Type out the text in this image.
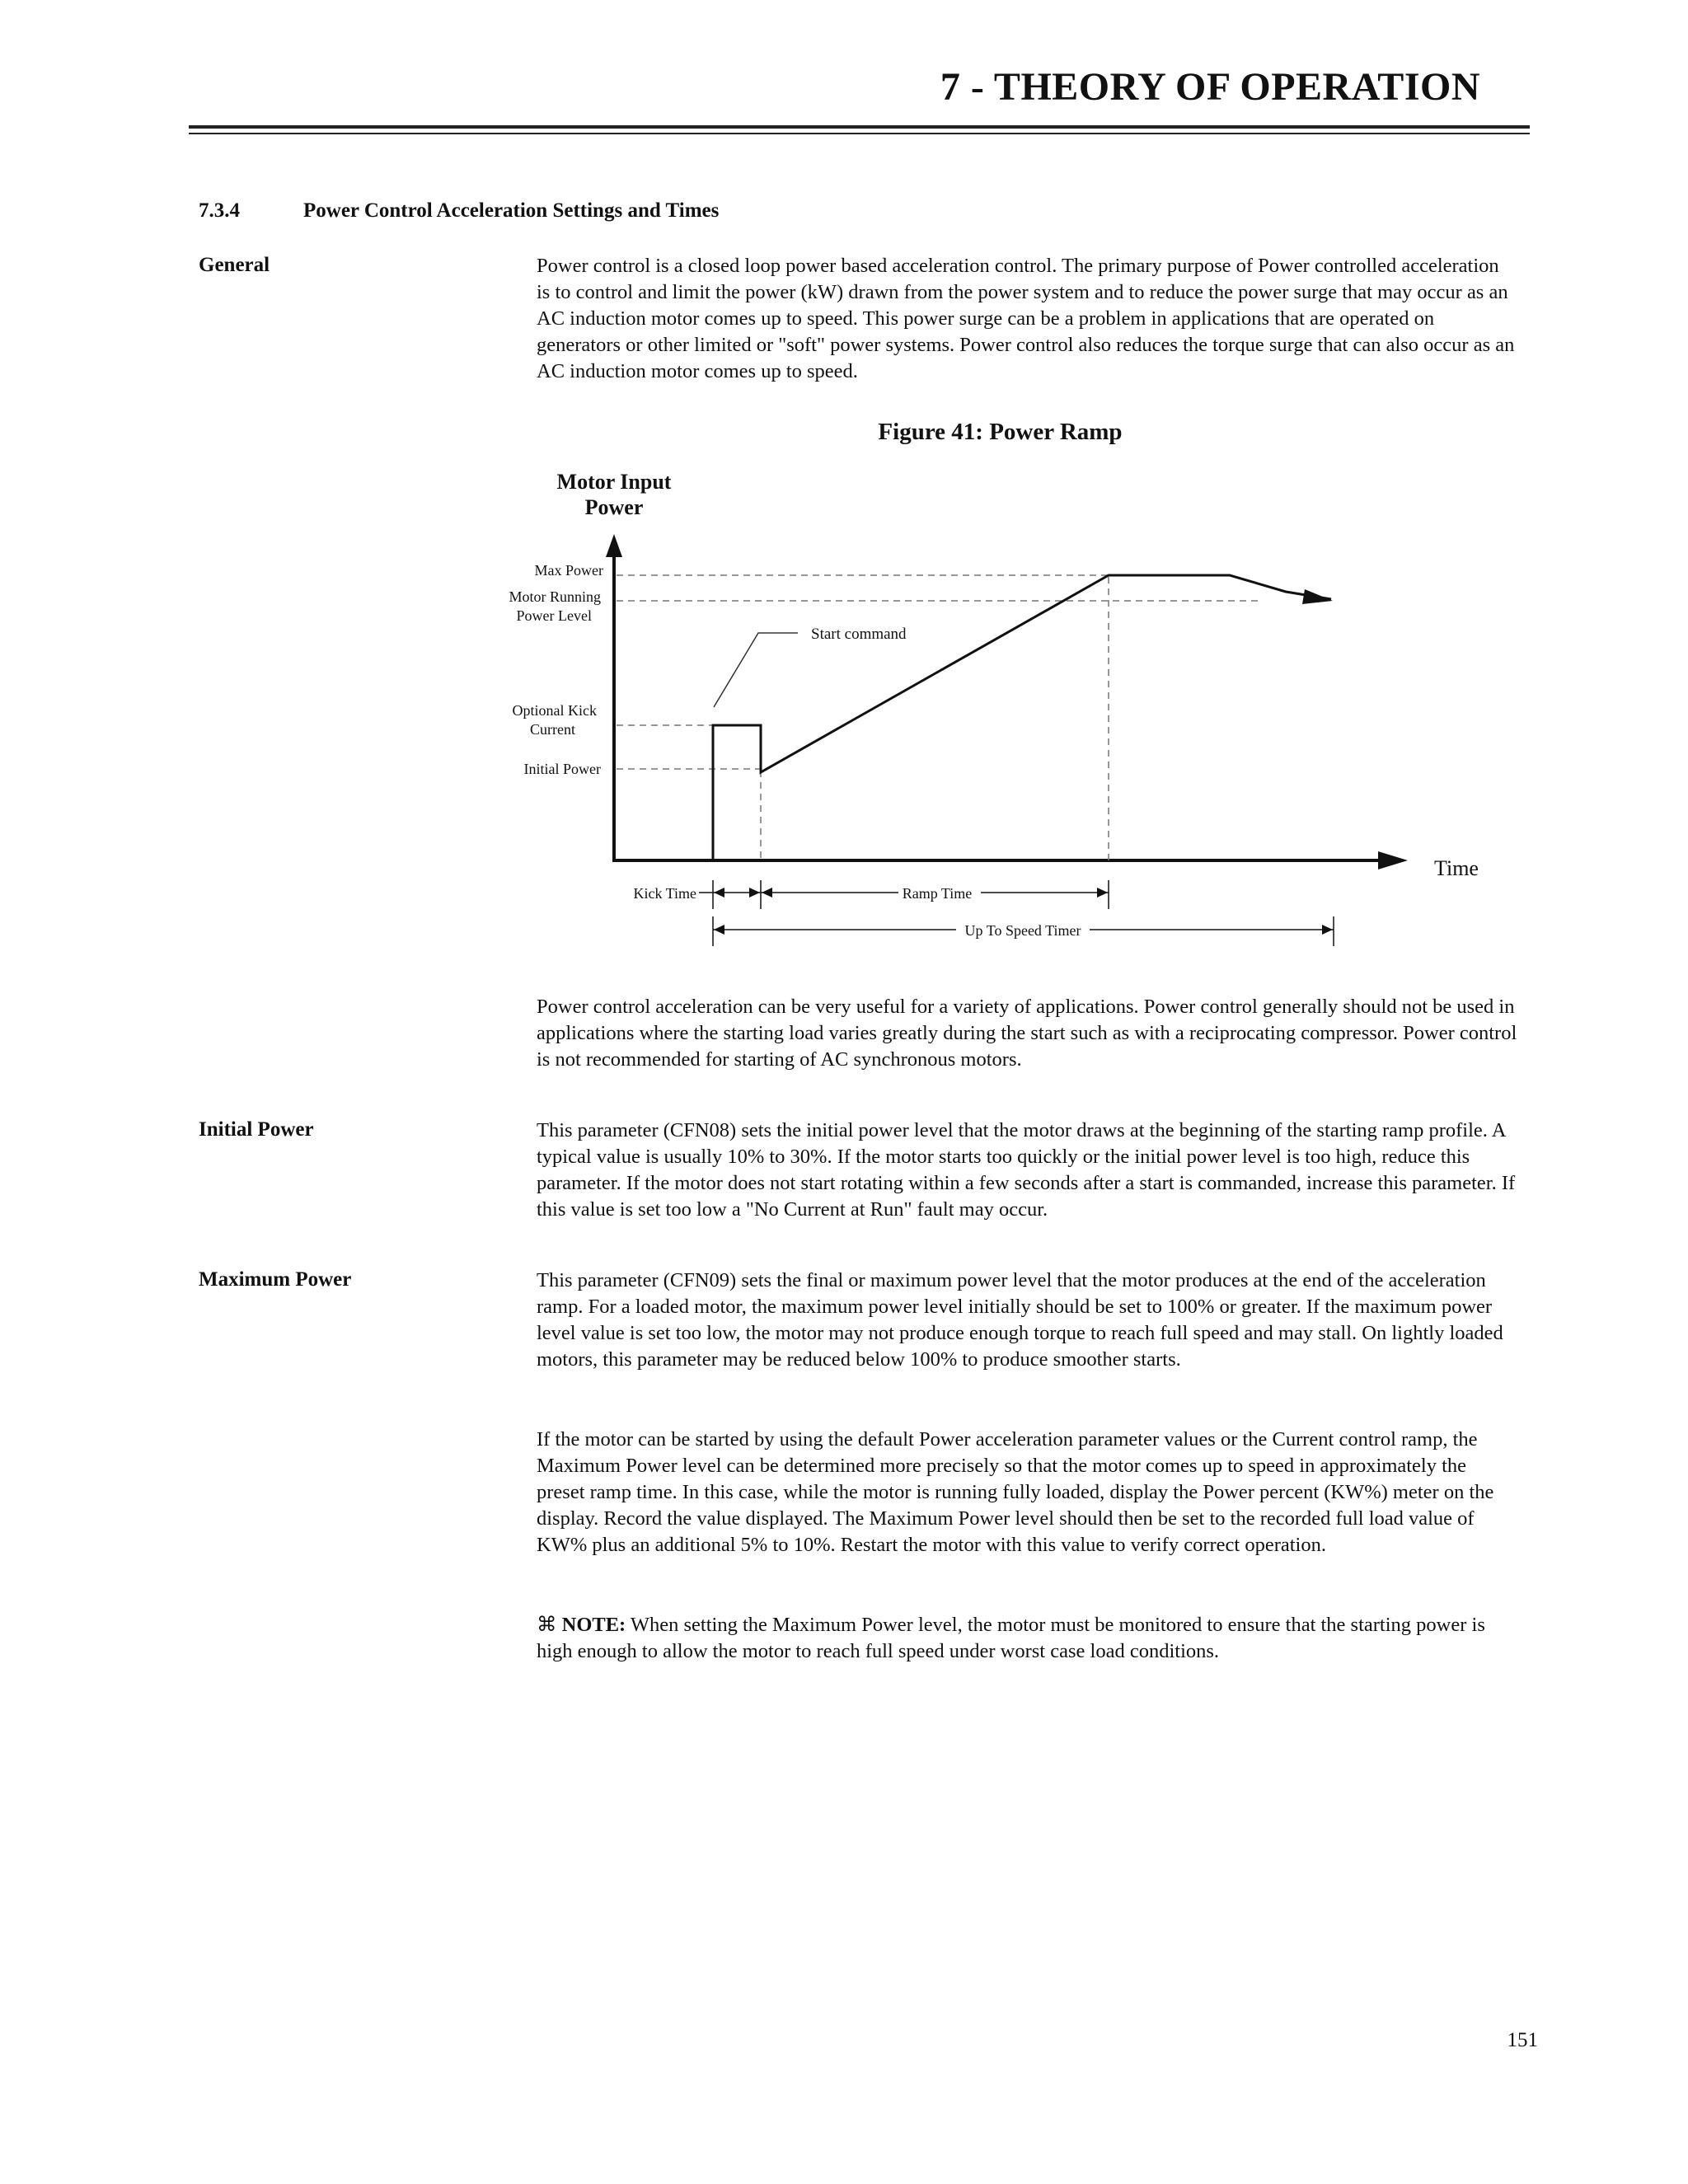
7 - THEORY OF OPERATION
7.3.4	Power Control Acceleration Settings and Times
General	Power control is a closed loop power based acceleration control. The primary purpose of Power controlled acceleration is to control and limit the power (kW) drawn from the power system and to reduce the power surge that may occur as an AC induction motor comes up to speed. This power surge can be a problem in applications that are operated on generators or other limited or "soft" power systems. Power control also reduces the torque surge that can also occur as an AC induction motor comes up to speed.

Figure 41: Power Ramp
Motor Input
Power
Time
Max Power
Motor Running
Power Level
Optional Kick
Current
Initial Power
Start command
Kick Time	Ramp Time
Up To Speed Timer

Power control acceleration can be very useful for a variety of applications. Power control generally should not be used in applications where the starting load varies greatly during the start such as with a reciprocating compressor. Power control is not recommended for starting of AC synchronous motors.

Initial Power	This parameter (CFN08) sets the initial power level that the motor draws at the beginning of the starting ramp profile. A typical value is usually 10% to 30%. If the motor starts too quickly or the initial power level is too high, reduce this parameter. If the motor does not start rotating within a few seconds after a start is commanded, increase this parameter. If this value is set too low a "No Current at Run" fault may occur.

Maximum Power	This parameter (CFN09) sets the final or maximum power level that the motor produces at the end of the acceleration ramp. For a loaded motor, the maximum power level initially should be set to 100% or greater. If the maximum power level value is set too low, the motor may not produce enough torque to reach full speed and may stall. On lightly loaded motors, this parameter may be reduced below 100% to produce smoother starts.

If the motor can be started by using the default Power acceleration parameter values or the Current control ramp, the Maximum Power level can be determined more precisely so that the motor comes up to speed in approximately the preset ramp time. In this case, while the motor is running fully loaded, display the Power percent (KW%) meter on the display. Record the value displayed. The Maximum Power level should then be set to the recorded full load value of KW% plus an additional 5% to 10%. Restart the motor with this value to verify correct operation.

⌘ NOTE: When setting the Maximum Power level, the motor must be monitored to ensure that the starting power is high enough to allow the motor to reach full speed under worst case load conditions.

151
